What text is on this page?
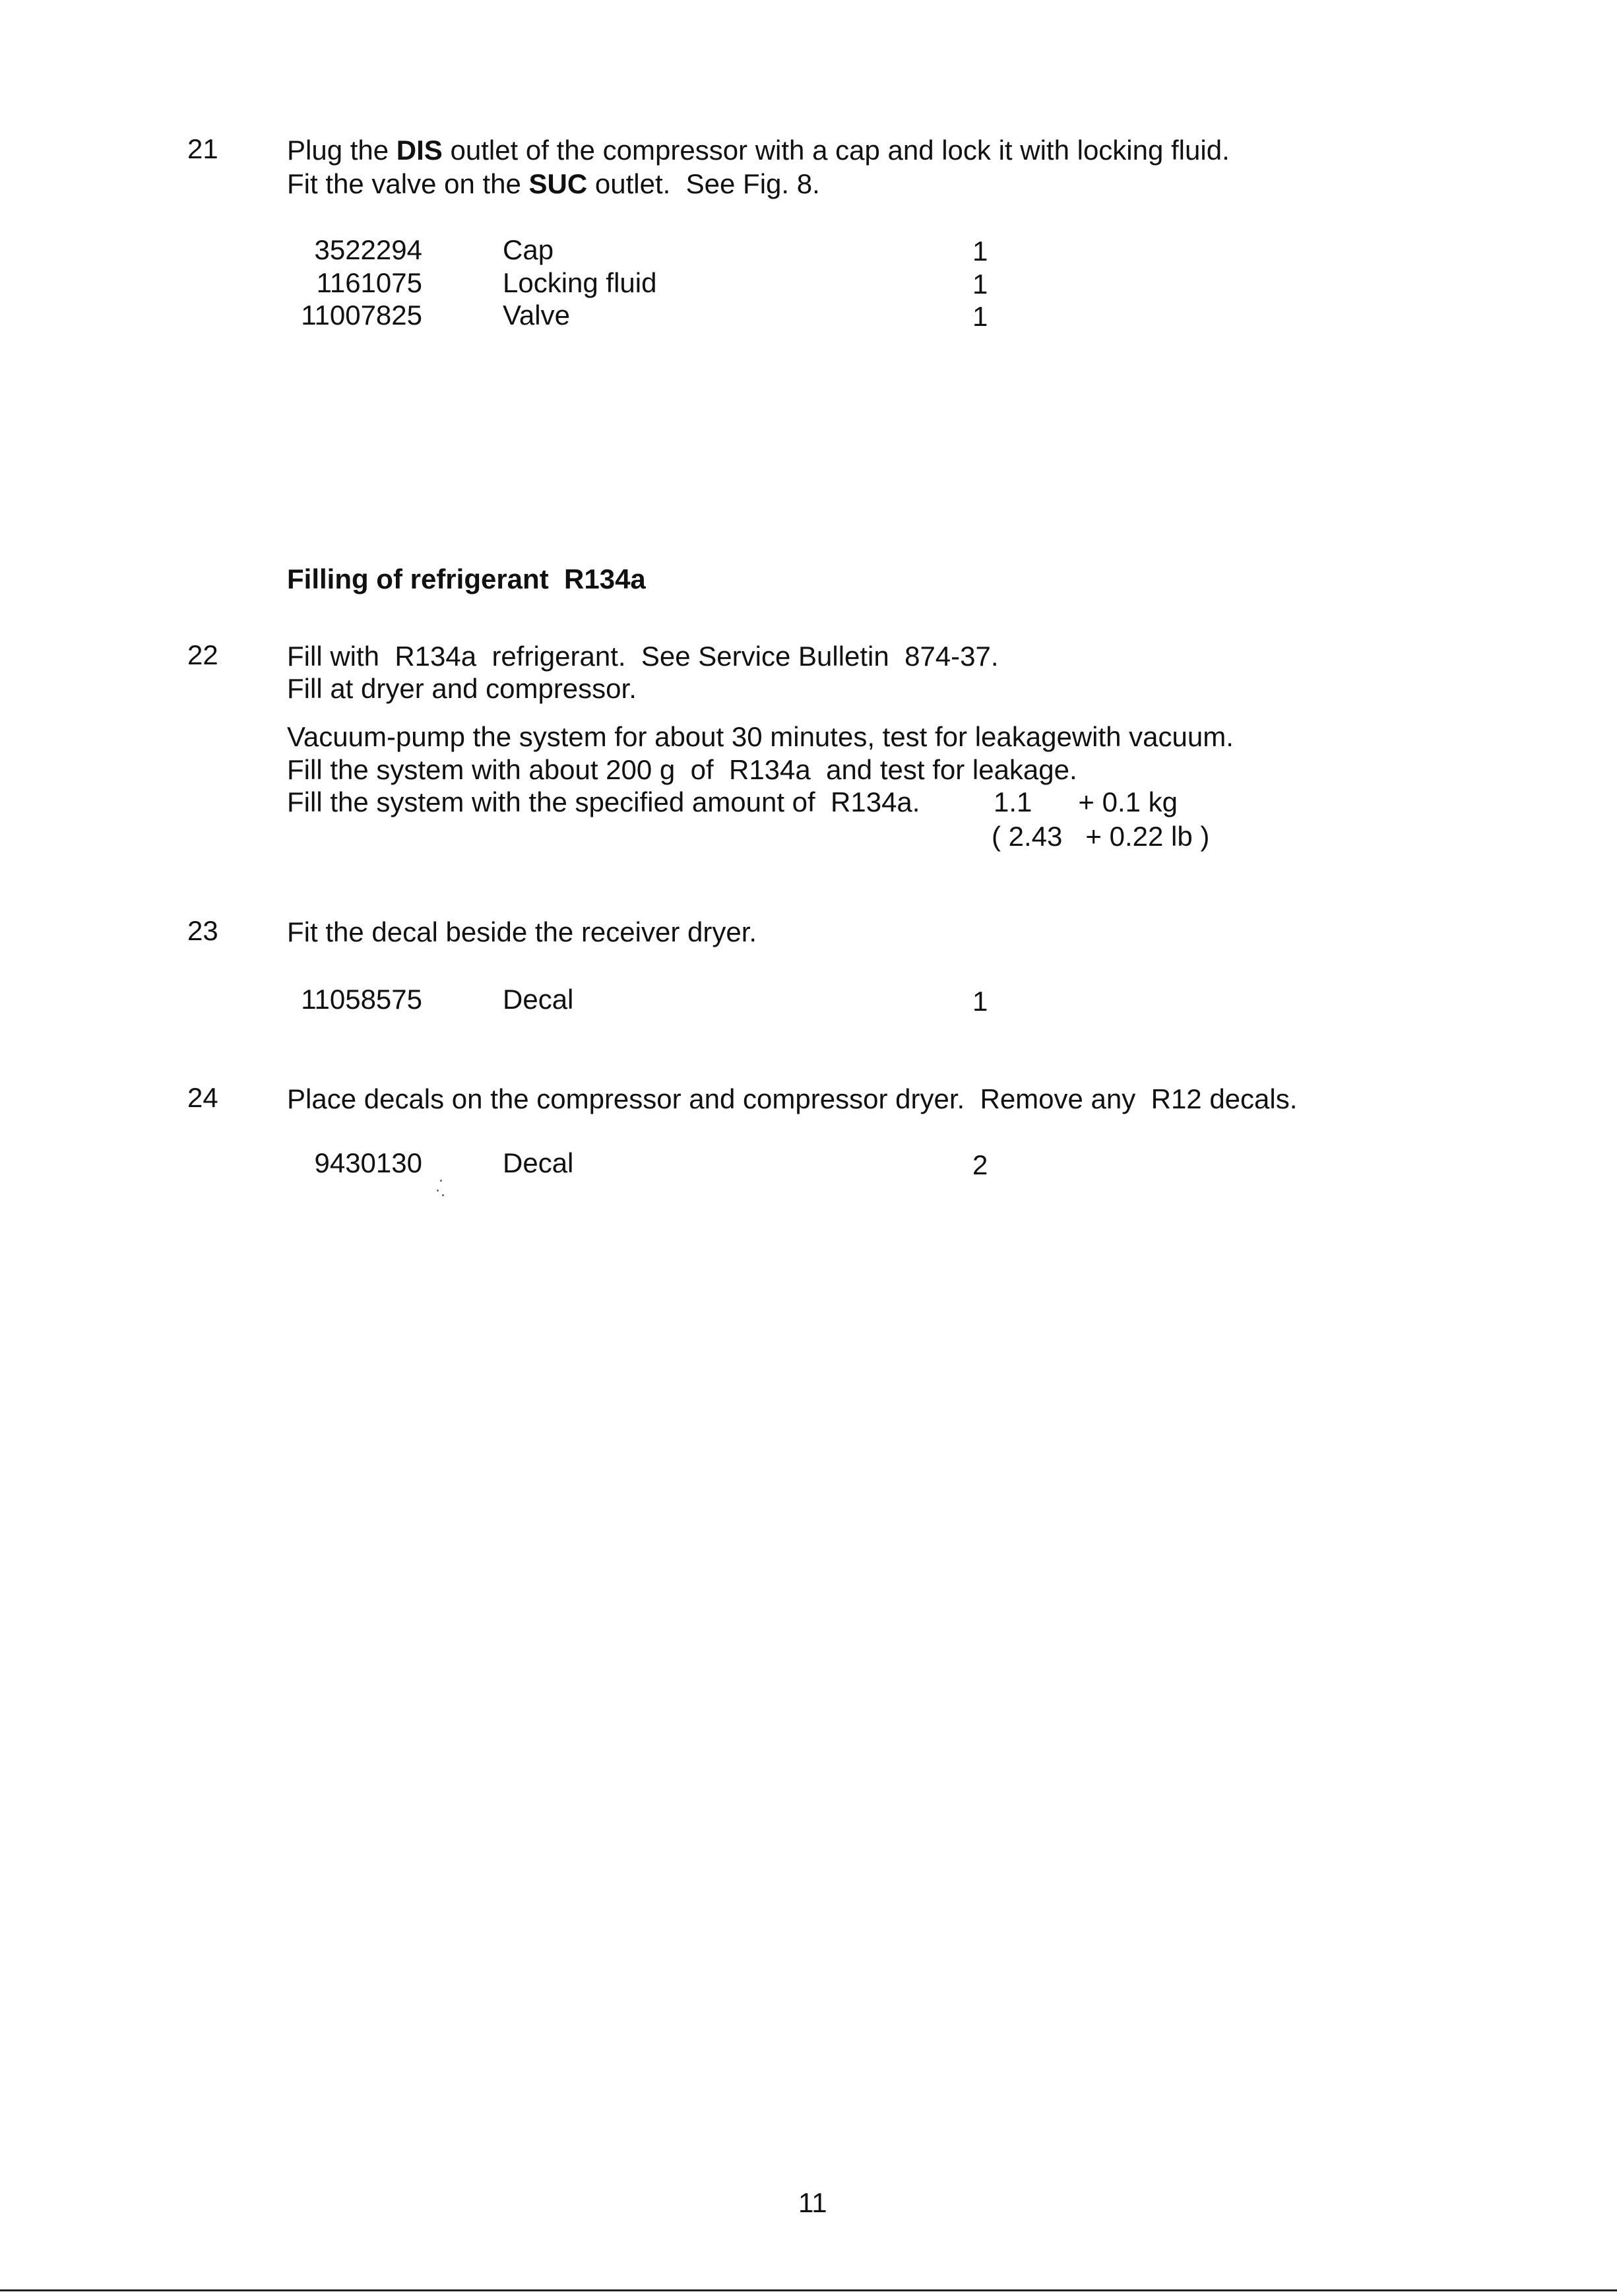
21 Plug the DIS outlet of the compressor with a cap and lock it with locking fluid.
Fit the valve on the SUC outlet.  See Fig. 8.
3522294	Cap	1
1161075	Locking fluid	1
11007825	Valve	1
Filling of refrigerant  R134a
22 Fill with  R134a  refrigerant.  See Service Bulletin  874-37.
Fill at dryer and compressor.
Vacuum-pump the system for about 30 minutes, test for leakagewith vacuum.
Fill the system with about 200 g  of  R134a  and test for leakage.
Fill the system with the specified amount of  R134a.	1.1      + 0.1 kg
( 2.43   + 0.22 lb )
23 Fit the decal beside the receiver dryer.
11058575	Decal	1
24 Place decals on the compressor and compressor dryer.  Remove any  R12 decals.
9430130	Decal	2
11
